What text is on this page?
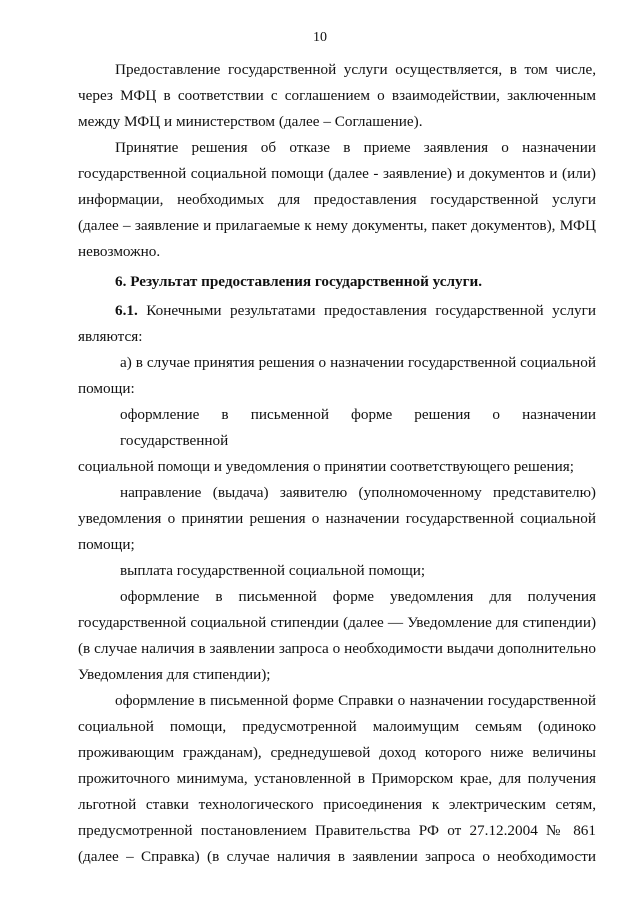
10
Предоставление государственной услуги осуществляется, в том числе,
через МФЦ в соответствии с соглашением о взаимодействии, заключенным
между МФЦ и министерством (далее – Соглашение).
Принятие решения об отказе в приеме заявления о назначении
государственной социальной помощи (далее - заявление) и документов и (или)
информации, необходимых для предоставления государственной услуги
(далее – заявление и прилагаемые к нему документы, пакет документов), МФЦ
невозможно.
6. Результат предоставления государственной услуги.
6.1. Конечными результатами предоставления государственной услуги
являются:
а) в случае принятия решения о назначении государственной социальной
помощи:
оформление в письменной форме решения о назначении государственной
социальной помощи и уведомления о принятии соответствующего решения;
направление (выдача) заявителю (уполномоченному представителю)
уведомления о принятии решения о назначении государственной социальной
помощи;
выплата государственной социальной помощи;
оформление в письменной форме уведомления для получения
государственной социальной стипендии (далее — Уведомление для стипендии)
(в случае наличия в заявлении запроса о необходимости выдачи дополнительно
Уведомления для стипендии);
оформление в письменной форме Справки о назначении государственной
социальной помощи, предусмотренной малоимущим семьям (одиноко
проживающим гражданам), среднедушевой доход которого ниже величины
прожиточного минимума, установленной в Приморском крае, для получения
льготной ставки технологического присоединения к электрическим сетям,
предусмотренной постановлением Правительства РФ от 27.12.2004 № 861
(далее – Справка) (в случае наличия в заявлении запроса о необходимости
